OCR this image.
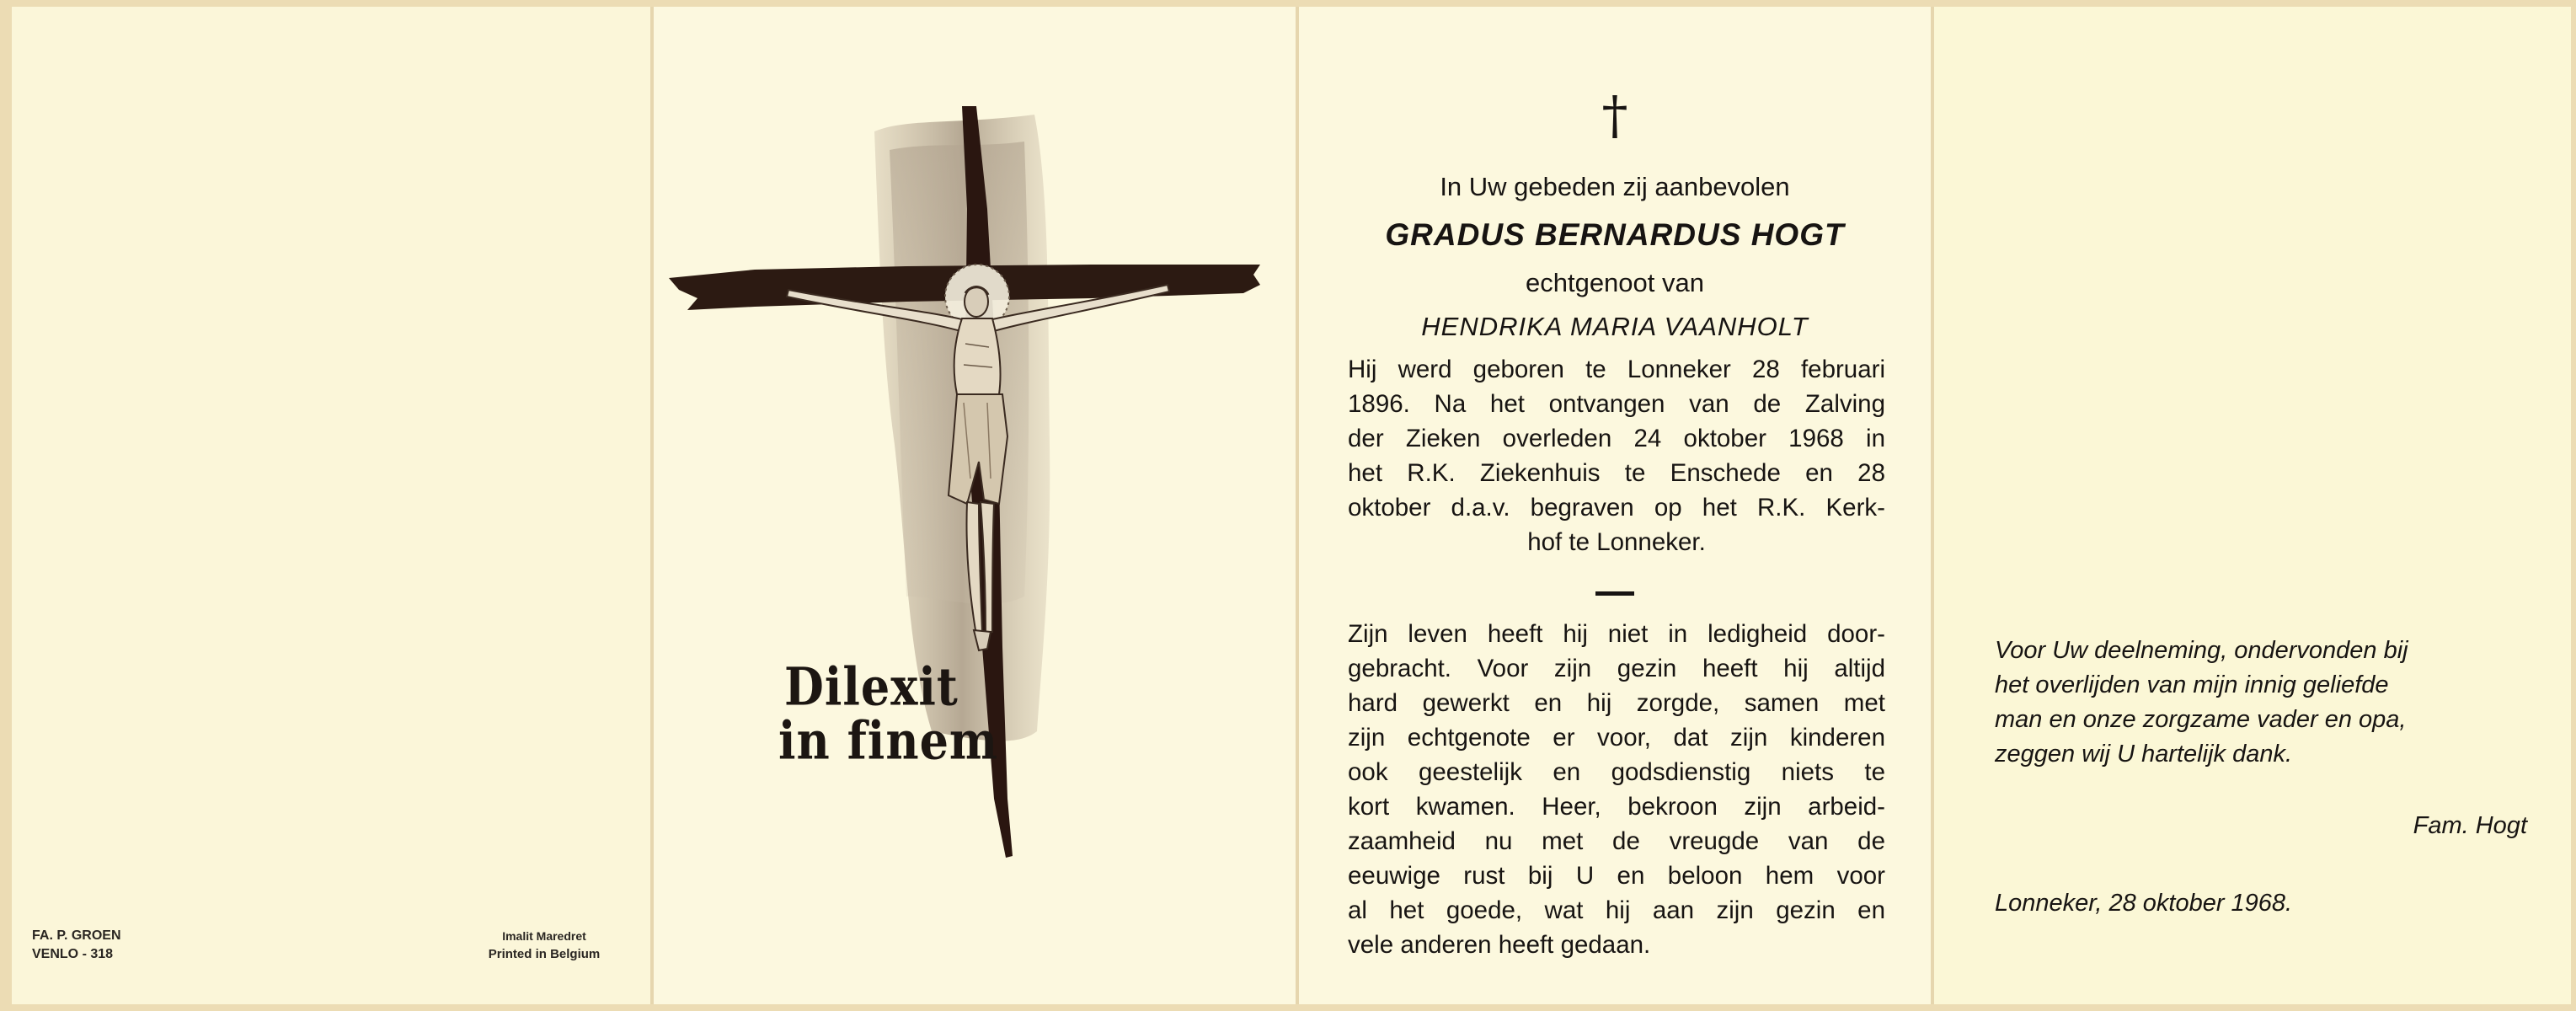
FA. P. GROEN
VENLO - 318
Imalit Maredret
Printed in Belgium
Dilexit
in finem
†
In Uw gebeden zij aanbevolen
GRADUS BERNARDUS HOGT
echtgenoot van
HENDRIKA MARIA VAANHOLT
Hij werd geboren te Lonneker 28 februari
1896. Na het ontvangen van de Zalving
der Zieken overleden 24 oktober 1968 in
het R.K. Ziekenhuis te Enschede en 28
oktober d.a.v. begraven op het R.K. Kerk-
hof te Lonneker.
Zijn leven heeft hij niet in ledigheid door-
gebracht. Voor zijn gezin heeft hij altijd
hard gewerkt en hij zorgde, samen met
zijn echtgenote er voor, dat zijn kinderen
ook geestelijk en godsdienstig niets te
kort kwamen. Heer, bekroon zijn arbeid-
zaamheid nu met de vreugde van de
eeuwige rust bij U en beloon hem voor
al het goede, wat hij aan zijn gezin en
vele anderen heeft gedaan.
Voor Uw deelneming, ondervonden bij
het overlijden van mijn innig geliefde
man en onze zorgzame vader en opa,
zeggen wij U hartelijk dank.
Fam. Hogt
Lonneker, 28 oktober 1968.
